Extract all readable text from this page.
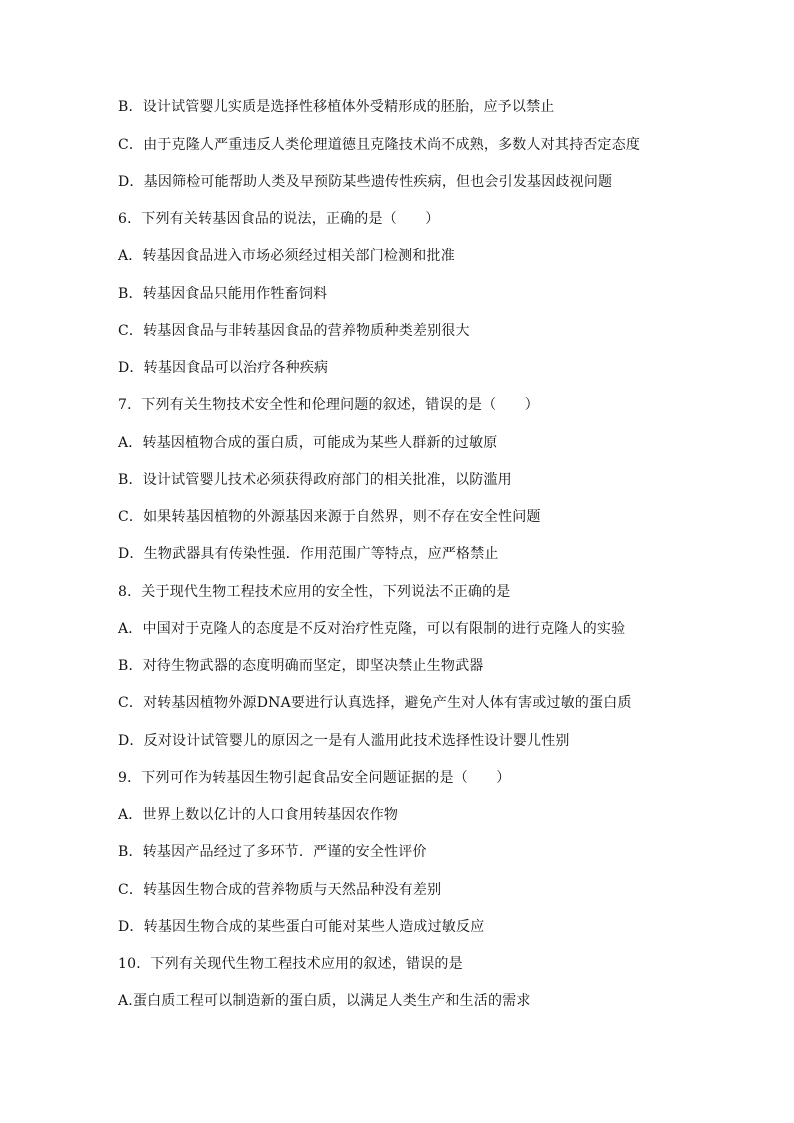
B．设计试管婴儿实质是选择性移植体外受精形成的胚胎，应予以禁止
C．由于克隆人严重违反人类伦理道德且克隆技术尚不成熟，多数人对其持否定态度
D．基因筛检可能帮助人类及早预防某些遗传性疾病，但也会引发基因歧视问题
6．下列有关转基因食品的说法，正确的是（　　）
A．转基因食品进入市场必须经过相关部门检测和批准
B．转基因食品只能用作牲畜饲料
C．转基因食品与非转基因食品的营养物质种类差别很大
D．转基因食品可以治疗各种疾病
7．下列有关生物技术安全性和伦理问题的叙述，错误的是（　　）
A．转基因植物合成的蛋白质，可能成为某些人群新的过敏原
B．设计试管婴儿技术必须获得政府部门的相关批准，以防滥用
C．如果转基因植物的外源基因来源于自然界，则不存在安全性问题
D．生物武器具有传染性强．作用范围广等特点，应严格禁止
8．关于现代生物工程技术应用的安全性，下列说法不正确的是
A．中国对于克隆人的态度是不反对治疗性克隆，可以有限制的进行克隆人的实验
B．对待生物武器的态度明确而坚定，即坚决禁止生物武器
C．对转基因植物外源DNA要进行认真选择，避免产生对人体有害或过敏的蛋白质
D．反对设计试管婴儿的原因之一是有人滥用此技术选择性设计婴儿性别
9．下列可作为转基因生物引起食品安全问题证据的是（　　）
A．世界上数以亿计的人口食用转基因农作物
B．转基因产品经过了多环节．严谨的安全性评价
C．转基因生物合成的营养物质与天然品种没有差别
D．转基因生物合成的某些蛋白可能对某些人造成过敏反应
10．下列有关现代生物工程技术应用的叙述，错误的是
A.蛋白质工程可以制造新的蛋白质，以满足人类生产和生活的需求
